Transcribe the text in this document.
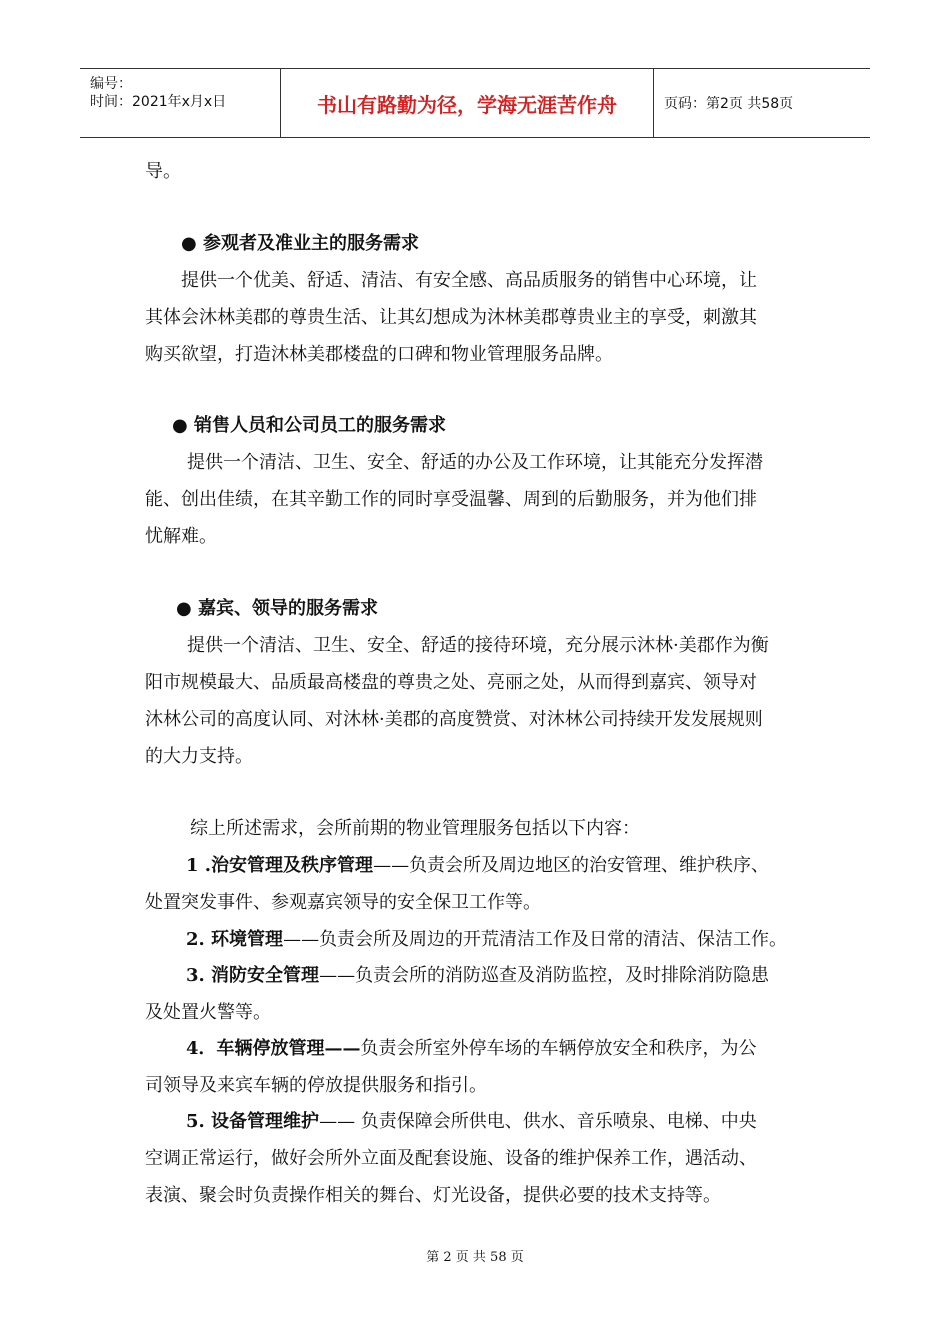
编号：
时间：2021年x月x日	书山有路勤为径，学海无涯苦作舟	页码：第2页 共58页
导。
● 参观者及准业主的服务需求
提供一个优美、舒适、清洁、有安全感、高品质服务的销售中心环境，让
其体会沐林美郡的尊贵生活、让其幻想成为沐林美郡尊贵业主的享受，刺激其
购买欲望，打造沐林美郡楼盘的口碑和物业管理服务品牌。
● 销售人员和公司员工的服务需求
提供一个清洁、卫生、安全、舒适的办公及工作环境，让其能充分发挥潜
能、创出佳绩，在其辛勤工作的同时享受温馨、周到的后勤服务，并为他们排
忧解难。
● 嘉宾、领导的服务需求
提供一个清洁、卫生、安全、舒适的接待环境，充分展示沐林·美郡作为衡
阳市规模最大、品质最高楼盘的尊贵之处、亮丽之处，从而得到嘉宾、领导对
沐林公司的高度认同、对沐林·美郡的高度赞赏、对沐林公司持续开发发展规则
的大力支持。
综上所述需求，会所前期的物业管理服务包括以下内容：
1 .治安管理及秩序管理——负责会所及周边地区的治安管理、维护秩序、
处置突发事件、参观嘉宾领导的安全保卫工作等。
2. 环境管理——负责会所及周边的开荒清洁工作及日常的清洁、保洁工作。
3. 消防安全管理——负责会所的消防巡查及消防监控，及时排除消防隐患
及处置火警等。
4．车辆停放管理——负责会所室外停车场的车辆停放安全和秩序，为公
司领导及来宾车辆的停放提供服务和指引。
5. 设备管理维护—— 负责保障会所供电、供水、音乐喷泉、电梯、中央
空调正常运行，做好会所外立面及配套设施、设备的维护保养工作，遇活动、
表演、聚会时负责操作相关的舞台、灯光设备，提供必要的技术支持等。
第 2 页 共 58 页
